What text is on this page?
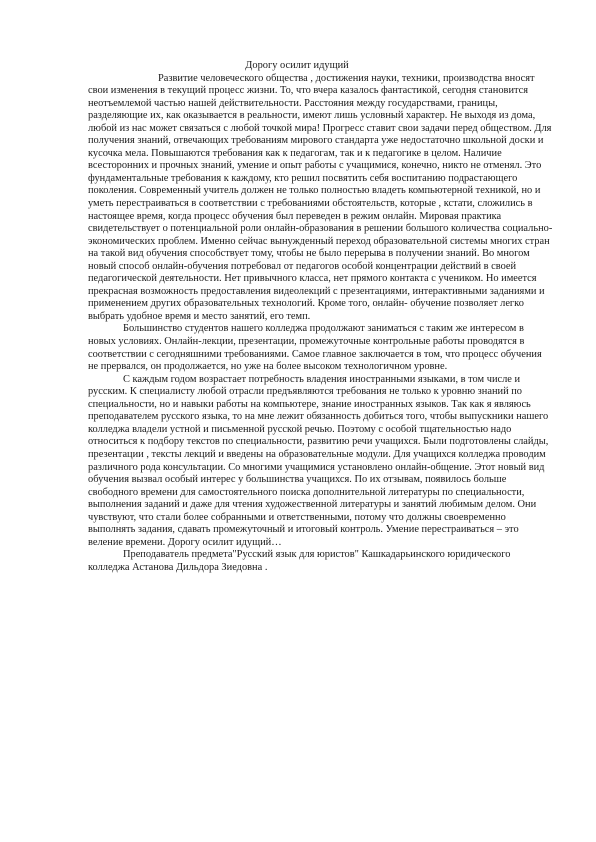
Дорогу осилит идущий

Развитие человеческого общества , достижения науки, техники, производства вносят свои изменения в текущий процесс жизни. То, что вчера казалось фантастикой, сегодня становится неотъемлемой частью нашей действительности. Расстояния между государствами, границы, разделяющие их, как оказывается в реальности, имеют лишь условный характер. Не выходя из дома, любой из нас может связаться с любой точкой мира! Прогресс ставит свои задачи перед обществом. Для получения знаний, отвечающих требованиям мирового стандарта уже недостаточно школьной доски и кусочка мела. Повышаются требования как к педагогам, так и к педагогике в целом. Наличие всесторонних и прочных знаний, умение и опыт работы с учащимися, конечно, никто не отменял. Это фундаментальные требования к каждому, кто решил посвятить себя воспитанию подрастающего поколения. Современный учитель должен не только полностью владеть компьютерной техникой, но и уметь перестраиваться в соответствии с требованиями обстоятельств, которые , кстати, сложились в настоящее время, когда процесс обучения был переведен в режим онлайн. Мировая практика свидетельствует о потенциальной роли онлайн-образования в решении большого количества социально-экономических проблем. Именно сейчас вынужденный переход образовательной системы многих стран на такой вид обучения способствует тому, чтобы не было перерыва в получении знаний. Во многом новый способ онлайн-обучения потребовал от педагогов особой концентрации действий в своей педагогической деятельности. Нет привычного класса, нет прямого контакта с учеником. Но имеется прекрасная возможность предоставления видеолекций с презентациями, интерактивными заданиями и применением других образовательных технологий. Кроме того, онлайн- обучение позволяет легко выбрать удобное время и место занятий, его темп.

Большинство студентов нашего колледжа продолжают заниматься с таким же интересом в новых условиях. Онлайн-лекции, презентации, промежуточные контрольные работы проводятся в соответствии с сегодняшними требованиями. Самое главное заключается в том, что процесс обучения не прервался, он продолжается, но уже на более высоком технологичном уровне.

С каждым годом возрастает потребность владения иностранными языками, в том числе и русским. К специалисту любой отрасли предъявляются требования не только к уровню знаний по специальности, но и навыки работы на компьютере, знание иностранных языков. Так как я являюсь преподавателем русского языка, то на мне лежит обязанность добиться того, чтобы выпускники нашего колледжа владели устной и письменной русской речью. Поэтому с особой тщательностью надо относиться к подбору текстов по специальности, развитию речи учащихся. Были подготовлены слайды, презентации , тексты лекций и введены на образовательные модули. Для учащихся колледжа проводим различного рода консультации. Со многими учащимися установлено онлайн-общение. Этот новый вид обучения вызвал особый интерес у большинства учащихся. По их отзывам, появилось больше свободного времени для самостоятельного поиска дополнительной литературы по специальности, выполнения заданий и даже для чтения художественной литературы и занятий любимым делом. Они чувствуют, что стали более собранными и ответственными, потому что должны своевременно выполнять задания, сдавать промежуточный и итоговый контроль. Умение перестраиваться – это веление времени. Дорогу осилит идущий…

Преподаватель предмета"Русский язык для юристов" Кашкадарьинского юридического колледжа Астанова Дильдора Зиедовна .
